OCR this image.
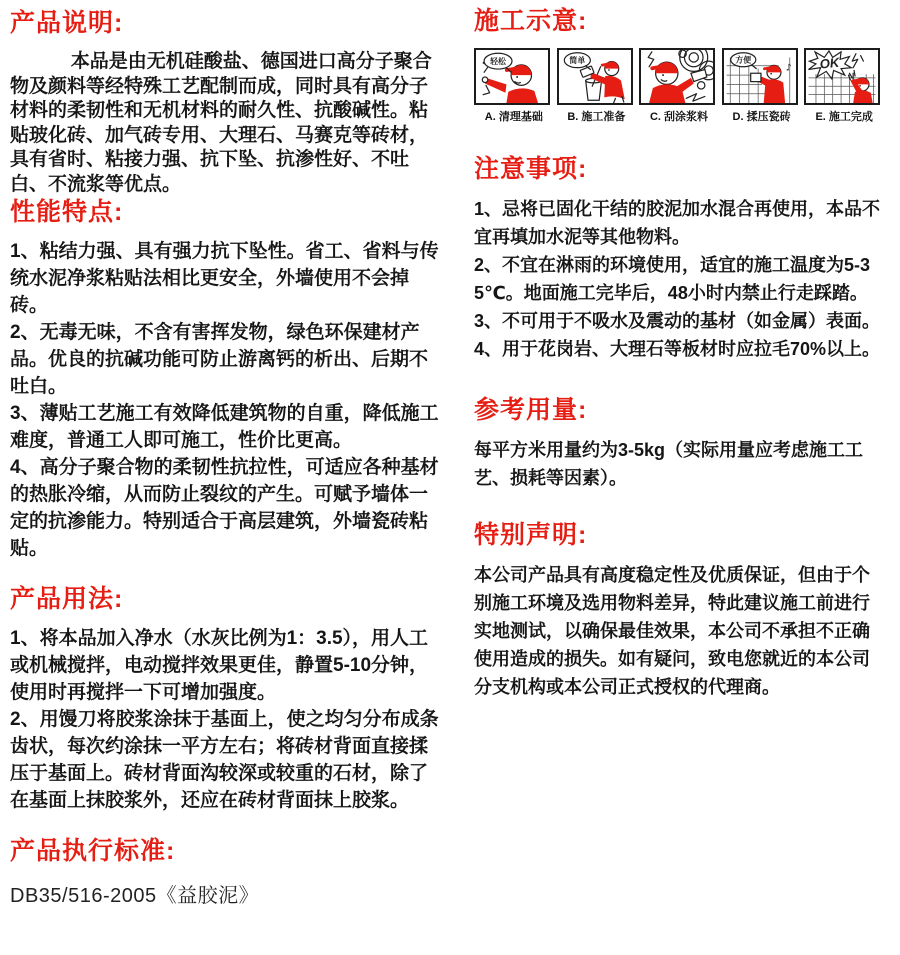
产品说明:

本品是由无机硅酸盐、德国进口高分子聚合物及颜料等经特殊工艺配制而成，同时具有高分子材料的柔韧性和无机材料的耐久性、抗酸碱性。粘贴玻化砖、加气砖专用、大理石、马赛克等砖材，具有省时、粘接力强、抗下坠、抗渗性好、不吐白、不流浆等优点。

性能特点:

1、粘结力强、具有强力抗下坠性。省工、省料与传统水泥净浆粘贴法相比更安全，外墙使用不会掉砖。

2、无毒无味，不含有害挥发物，绿色环保建材产品。优良的抗碱功能可防止游离钙的析出、后期不吐白。

3、薄贴工艺施工有效降低建筑物的自重，降低施工难度，普通工人即可施工，性价比更高。

4、高分子聚合物的柔韧性抗拉性，可适应各种基材的热胀冷缩，从而防止裂纹的产生。可赋予墙体一定的抗渗能力。特别适合于高层建筑，外墙瓷砖粘贴。

产品用法:

1、将本品加入净水（水灰比例为1：3.5），用人工或机械搅拌，电动搅拌效果更佳，静置5-10分钟，使用时再搅拌一下可增加强度。

2、用馒刀将胶浆涂抹于基面上，使之均匀分布成条齿状，每次约涂抹一平方左右；将砖材背面直接揉压于基面上。砖材背面沟较深或较重的石材，除了在基面上抹胶浆外，还应在砖材背面抹上胶浆。

产品执行标准:

DB35/516-2005《益胶泥》

施工示意:
轻松
A. 清理基础
简单
B. 施工准备	C. 刮涂浆料
方便
♪
D. 揉压瓷砖
OK
E. 施工完成
注意事项:

1、忌将已固化干结的胶泥加水混合再使用，本品不宜再填加水泥等其他物料。

2、不宜在淋雨的环境使用，适宜的施工温度为5-35℃。地面施工完毕后，48小时内禁止行走踩踏。

3、不可用于不吸水及震动的基材（如金属）表面。

4、用于花岗岩、大理石等板材时应拉毛70%以上。

参考用量:

每平方米用量约为3-5kg（实际用量应考虑施工工艺、损耗等因素）。

特别声明:

本公司产品具有高度稳定性及优质保证，但由于个别施工环境及选用物料差异，特此建议施工前进行实地测试，以确保最佳效果，本公司不承担不正确使用造成的损失。如有疑问，致电您就近的本公司分支机构或本公司正式授权的代理商。
